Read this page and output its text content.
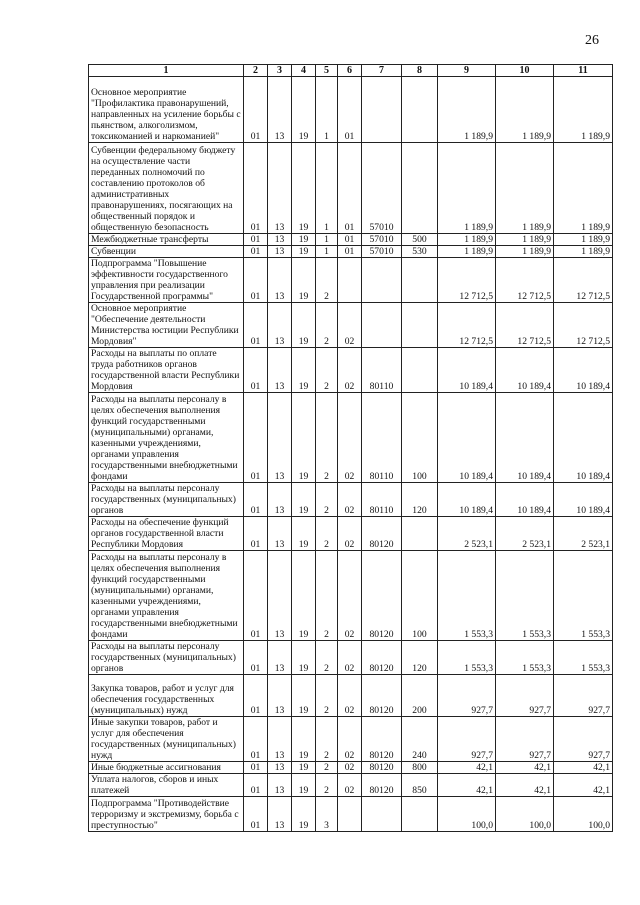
26
1	2	3	4	5	6	7	8	9	10	11
Основное мероприятие "Профилактика правонарушений, направленных на усиление борьбы с пьянством, алкоголизмом, токсикоманией и наркоманией"	01	13	19	1	01			1 189,9	1 189,9	1 189,9
Субвенции федеральному бюджету на осуществление части переданных полномочий по составлению протоколов об административных правонарушениях, посягающих на общественный порядок и общественную безопасность	01	13	19	1	01	57010		1 189,9	1 189,9	1 189,9
Межбюджетные трансферты	01	13	19	1	01	57010	500	1 189,9	1 189,9	1 189,9
Субвенции	01	13	19	1	01	57010	530	1 189,9	1 189,9	1 189,9
Подпрограмма "Повышение эффективности государственного управления при реализации Государственной программы"	01	13	19	2				12 712,5	12 712,5	12 712,5
Основное мероприятие "Обеспечение деятельности Министерства юстиции Республики Мордовия"	01	13	19	2	02			12 712,5	12 712,5	12 712,5
Расходы на выплаты по оплате труда работников органов государственной власти Республики Мордовия	01	13	19	2	02	80110		10 189,4	10 189,4	10 189,4
Расходы на выплаты персоналу в целях обеспечения выполнения функций государственными (муниципальными) органами, казенными учреждениями, органами управления государственными внебюджетными фондами	01	13	19	2	02	80110	100	10 189,4	10 189,4	10 189,4
Расходы на выплаты персоналу государственных (муниципальных) органов	01	13	19	2	02	80110	120	10 189,4	10 189,4	10 189,4
Расходы на обеспечение функций органов государственной власти Республики Мордовия	01	13	19	2	02	80120		2 523,1	2 523,1	2 523,1
Расходы на выплаты персоналу в целях обеспечения выполнения функций государственными (муниципальными) органами, казенными учреждениями, органами управления государственными внебюджетными фондами	01	13	19	2	02	80120	100	1 553,3	1 553,3	1 553,3
Расходы на выплаты персоналу государственных (муниципальных) органов	01	13	19	2	02	80120	120	1 553,3	1 553,3	1 553,3
Закупка товаров, работ и услуг для обеспечения государственных (муниципальных) нужд	01	13	19	2	02	80120	200	927,7	927,7	927,7
Иные закупки товаров, работ и услуг для обеспечения государственных (муниципальных) нужд	01	13	19	2	02	80120	240	927,7	927,7	927,7
Иные бюджетные ассигнования	01	13	19	2	02	80120	800	42,1	42,1	42,1
Уплата налогов, сборов и иных платежей	01	13	19	2	02	80120	850	42,1	42,1	42,1
Подпрограмма "Противодействие терроризму и экстремизму, борьба с преступностью"	01	13	19	3				100,0	100,0	100,0
